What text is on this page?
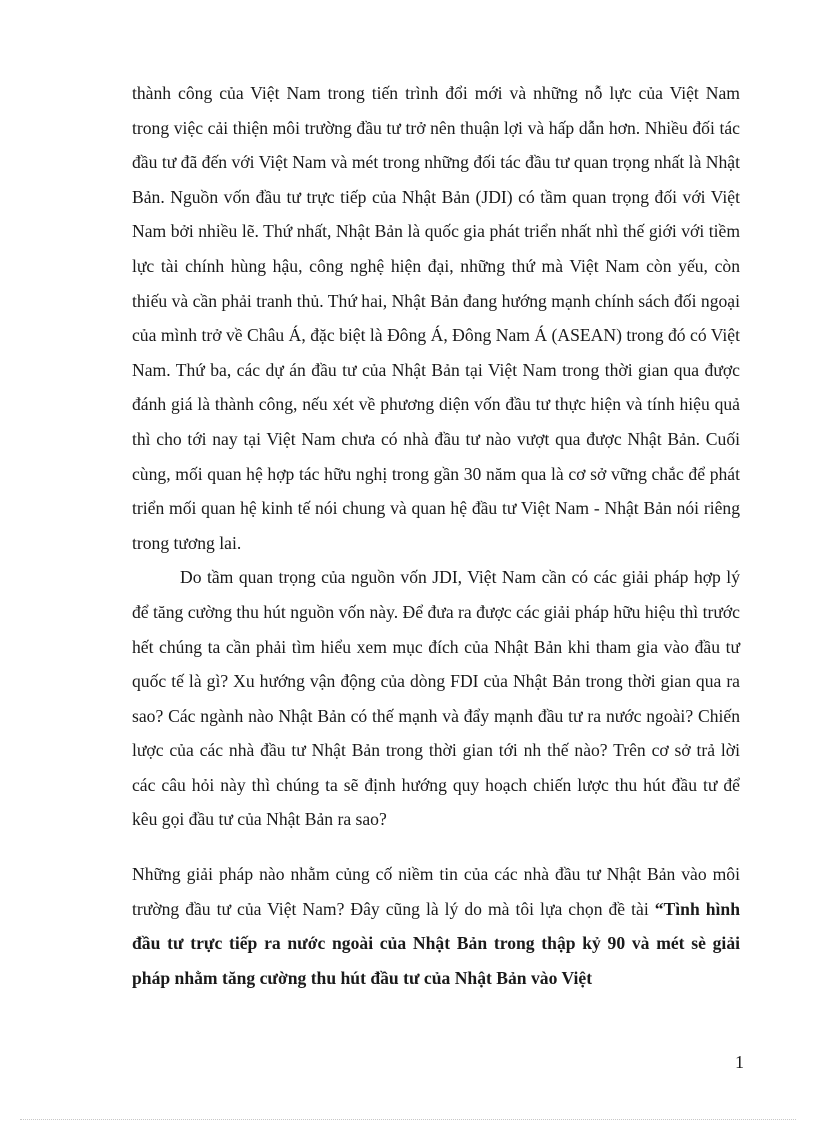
thành công của Việt Nam trong tiến trình đổi mới và những nỗ lực của Việt Nam trong việc cải thiện môi trường đầu tư trở nên thuận lợi và hấp dẫn hơn. Nhiều đối tác đầu tư đã đến với Việt Nam và mét trong những đối tác đầu tư quan trọng nhất là Nhật Bản. Nguồn vốn đầu tư trực tiếp của Nhật Bản (JDI) có tầm quan trọng đối với Việt Nam bởi nhiều lẽ. Thứ nhất, Nhật Bản là quốc gia phát triển nhất nhì thế giới với tiềm lực tài chính hùng hậu, công nghệ hiện đại, những thứ mà Việt Nam còn yếu, còn thiếu và cần phải tranh thủ. Thứ hai, Nhật Bản đang hướng mạnh chính sách đối ngoại của mình trở về Châu Á, đặc biệt là Đông Á, Đông Nam Á (ASEAN) trong đó có Việt Nam. Thứ ba, các dự án đầu tư của Nhật Bản tại Việt Nam trong thời gian qua được đánh giá là thành công, nếu xét về phương diện vốn đầu tư thực hiện và tính hiệu quả thì cho tới nay tại Việt Nam chưa có nhà đầu tư nào vượt qua được Nhật Bản. Cuối cùng, mối quan hệ hợp tác hữu nghị trong gần 30 năm qua là cơ sở vững chắc để phát triển mối quan hệ kinh tế nói chung và quan hệ đầu tư Việt Nam - Nhật Bản nói riêng trong tương lai.

Do tầm quan trọng của nguồn vốn JDI, Việt Nam cần có các giải pháp hợp lý để tăng cường thu hút nguồn vốn này. Để đưa ra được các giải pháp hữu hiệu thì trước hết chúng ta cần phải tìm hiểu xem mục đích của Nhật Bản khi tham gia vào đầu tư quốc tế là gì? Xu hướng vận động của dòng FDI của Nhật Bản trong thời gian qua ra sao? Các ngành nào Nhật Bản có thế mạnh và đẩy mạnh đầu tư ra nước ngoài? Chiến lược của các nhà đầu tư Nhật Bản trong thời gian tới nh thế nào? Trên cơ sở trả lời các câu hỏi này thì chúng ta sẽ định hướng quy hoạch chiến lược thu hút đầu tư để kêu gọi đầu tư của Nhật Bản ra sao?

Những giải pháp nào nhằm củng cố niềm tin của các nhà đầu tư Nhật Bản vào môi trường đầu tư của Việt Nam? Đây cũng là lý do mà tôi lựa chọn đề tài “Tình hình đầu tư trực tiếp ra nước ngoài của Nhật Bản trong thập kỷ 90 và mét sè giải pháp nhằm tăng cường thu hút đầu tư của Nhật Bản vào Việt

1
